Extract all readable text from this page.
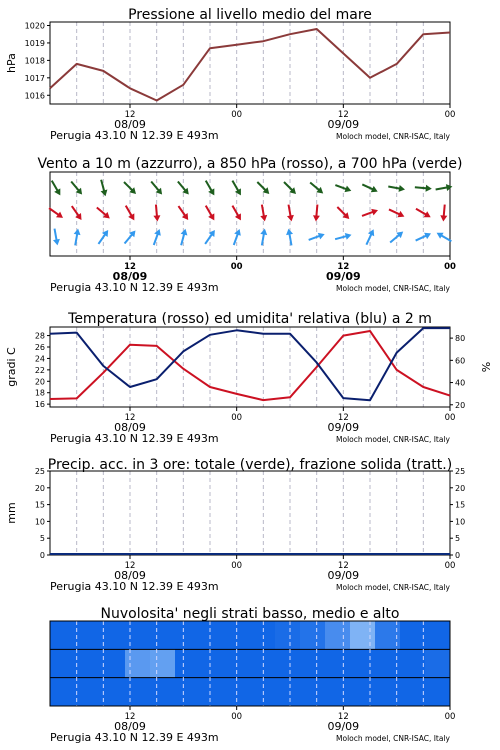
Pressione al livello medio del mare
1016
1017
1018
1019
1020
hPa
12	00	12	00
08/09	09/09
Perugia 43.10 N 12.39 E 493m	Moloch model, CNR-ISAC, Italy
Vento a 10 m (azzurro), a 850 hPa (rosso), a 700 hPa (verde)
12	00	12	00
08/09	09/09
Perugia 43.10 N 12.39 E 493m	Moloch model, CNR-ISAC, Italy
Temperatura (rosso) ed umidita' relativa (blu) a 2 m
16
18
20
22
24
26
28
20
40
60
80
gradi C	%
12	00	12	00
08/09	09/09
Perugia 43.10 N 12.39 E 493m	Moloch model, CNR-ISAC, Italy
Precip. acc. in 3 ore: totale (verde), frazione solida (tratt.)
0
5
10
15
20
25
0
5
10
15
20
25
mm
12	00	12	00
08/09	09/09
Perugia 43.10 N 12.39 E 493m	Moloch model, CNR-ISAC, Italy
Nuvolosita' negli strati basso, medio e alto
12	00	12	00
08/09	09/09
Perugia 43.10 N 12.39 E 493m	Moloch model, CNR-ISAC, Italy
